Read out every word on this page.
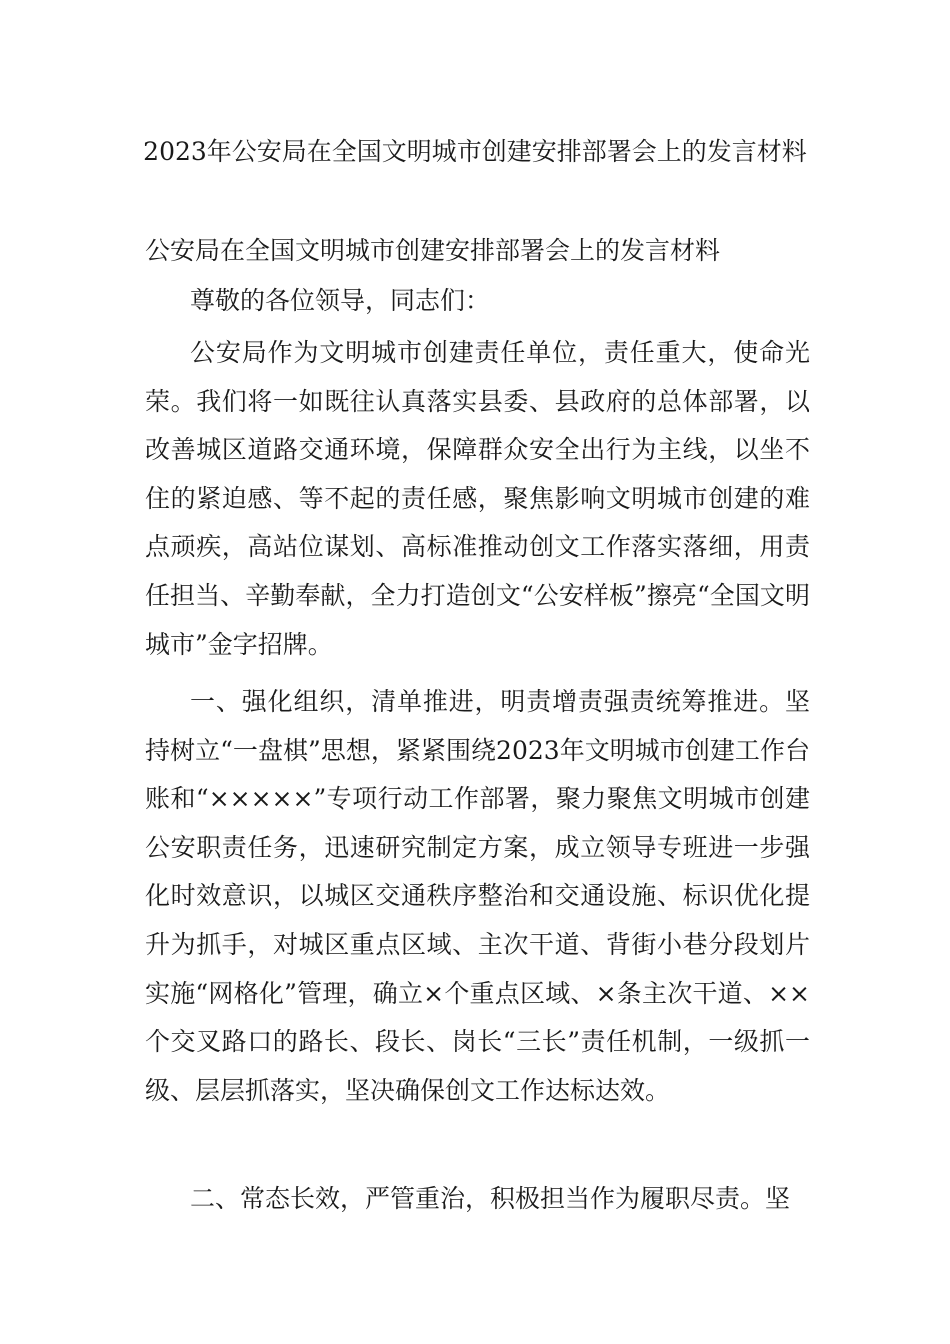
2023年公安局在全国文明城市创建安排部署会上的发言材料

公安局在全国文明城市创建安排部署会上的发言材料

尊敬的各位领导，同志们：

公安局作为文明城市创建责任单位，责任重大，使命光荣。我们将一如既往认真落实县委、县政府的总体部署，以改善城区道路交通环境，保障群众安全出行为主线，以坐不住的紧迫感、等不起的责任感，聚焦影响文明城市创建的难点顽疾，高站位谋划、高标准推动创文工作落实落细，用责任担当、辛勤奉献，全力打造创文“公安样板”擦亮“全国文明城市”金字招牌。

一、强化组织，清单推进，明责增责强责统筹推进。坚持树立“一盘棋”思想，紧紧围绕2023年文明城市创建工作台账和“×××××”专项行动工作部署，聚力聚焦文明城市创建公安职责任务，迅速研究制定方案，成立领导专班进一步强化时效意识，以城区交通秩序整治和交通设施、标识优化提升为抓手，对城区重点区域、主次干道、背街小巷分段划片实施“网格化”管理，确立×个重点区域、×条主次干道、××个交叉路口的路长、段长、岗长“三长”责任机制，一级抓一级、层层抓落实，坚决确保创文工作达标达效。

二、常态长效，严管重治，积极担当作为履职尽责。坚
